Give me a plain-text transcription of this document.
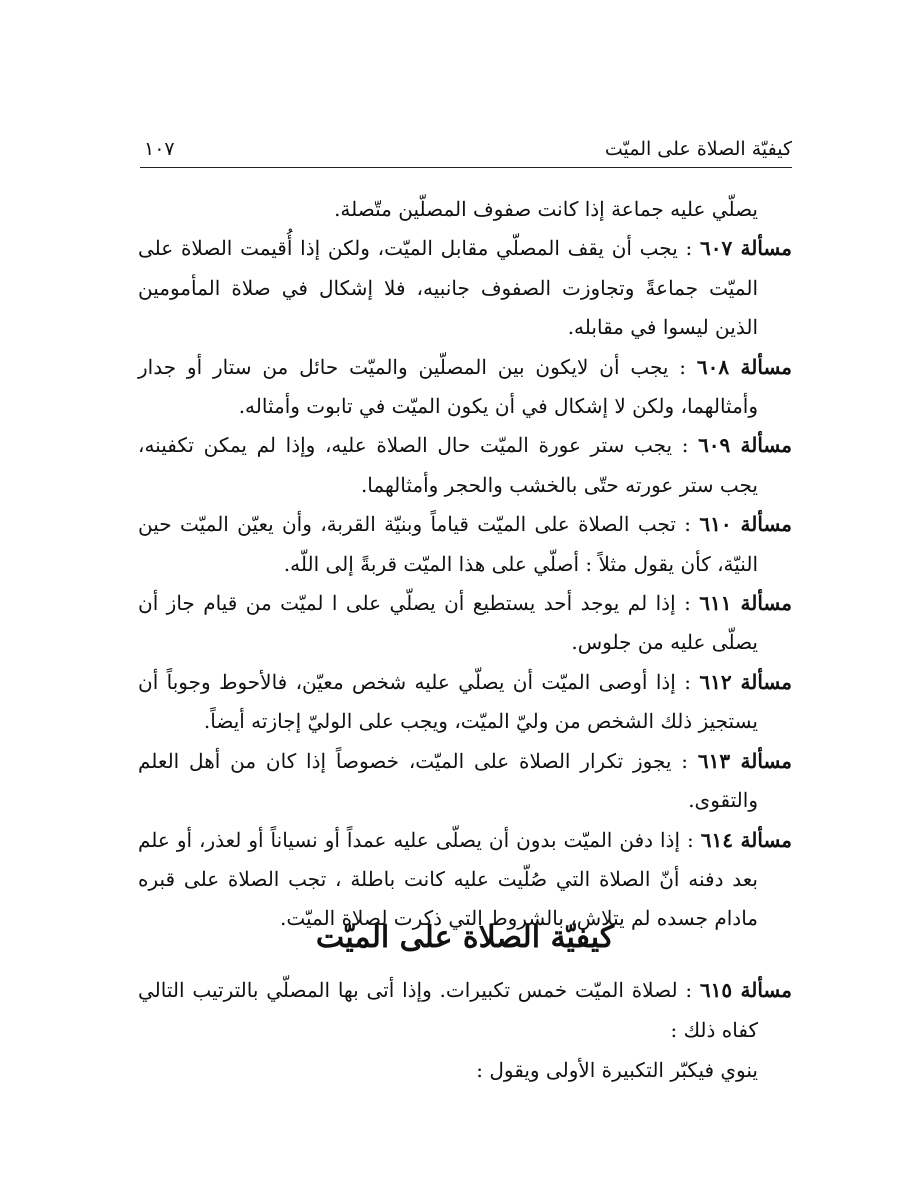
كيفيّة الصلاة على الميّت
١٠٧

يصلّي عليه جماعة إذا كانت صفوف المصلّين متّصلة.

مسألة ٦٠٧ : يجب أن يقف المصلّي مقابل الميّت، ولكن إذا أُقيمت الصلاة على الميّت جماعةً وتجاوزت الصفوف جانبيه، فلا إشكال في صلاة المأمومين الذين ليسوا في مقابله.

مسألة ٦٠٨ : يجب أن لايكون بين المصلّين والميّت حائل من ستار أو جدار وأمثالهما، ولكن لا إشكال في أن يكون الميّت في تابوت وأمثاله.

مسألة ٦٠٩ : يجب ستر عورة الميّت حال الصلاة عليه، وإذا لم يمكن تكفينه، يجب ستر عورته حتّى بالخشب والحجر وأمثالهما.

مسألة ٦١٠ : تجب الصلاة على الميّت قياماً وبنيّة القربة، وأن يعيّن الميّت حين النيّة، كأن يقول مثلاً : أصلّي على هذا الميّت قربةً إلى اللّه.

مسألة ٦١١ : إذا لم يوجد أحد يستطيع أن يصلّي على ا لميّت من قيام جاز أن يصلّى عليه من جلوس.

مسألة ٦١٢ : إذا أوصى الميّت أن يصلّي عليه شخص معيّن، فالأحوط وجوباً أن يستجيز ذلك الشخص من وليّ الميّت، ويجب على الوليّ إجازته أيضاً.

مسألة ٦١٣ : يجوز تكرار الصلاة على الميّت، خصوصاً إذا كان من أهل العلم والتقوى.

مسألة ٦١٤ : إذا دفن الميّت بدون أن يصلّى عليه عمداً أو نسياناً أو لعذر، أو علم بعد دفنه أنّ الصلاة التي صُلّيت عليه كانت باطلة ، تجب الصلاة على قبره مادام جسده لم يتلاش، بالشروط التي ذكرت لصلاة الميّت.

كيفيّة الصلاة على الميّت

مسألة ٦١٥ : لصلاة الميّت خمس تكبيرات. وإذا أتى بها المصلّي بالترتيب التالي كفاه ذلك :

ينوي فيكبّر التكبيرة الأولى ويقول :
